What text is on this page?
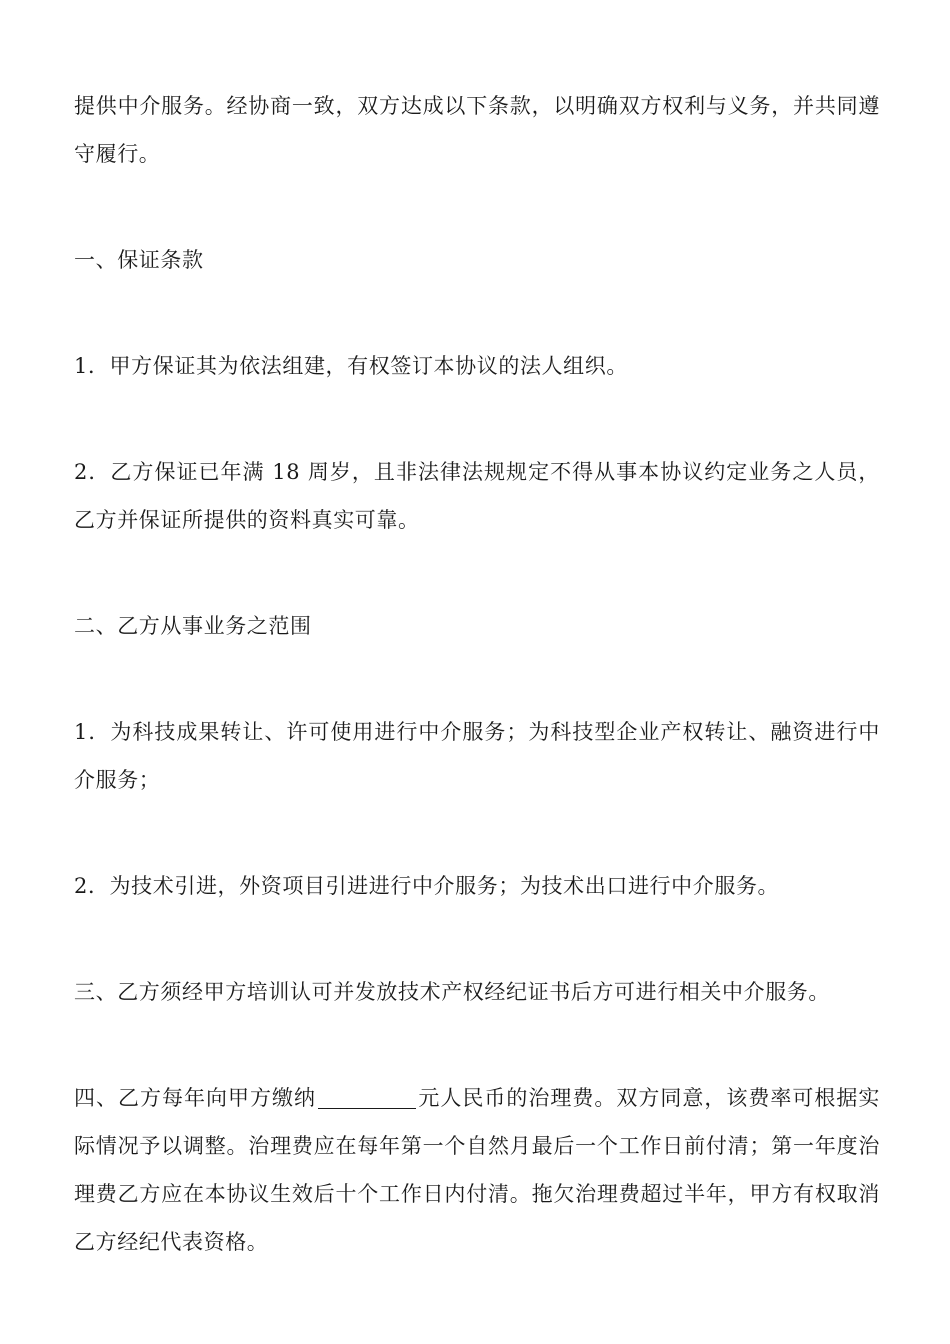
提供中介服务。经协商一致，双方达成以下条款，以明确双方权利与义务，并共同遵守履行。

一、保证条款

1．甲方保证其为依法组建，有权签订本协议的法人组织。

2．乙方保证已年满 18 周岁，且非法律法规规定不得从事本协议约定业务之人员，乙方并保证所提供的资料真实可靠。

二、乙方从事业务之范围

1．为科技成果转让、许可使用进行中介服务；为科技型企业产权转让、融资进行中介服务；

2．为技术引进，外资项目引进进行中介服务；为技术出口进行中介服务。

三、乙方须经甲方培训认可并发放技术产权经纪证书后方可进行相关中介服务。

四、乙方每年向甲方缴纳	元人民币的治理费。双方同意，该费率可根据实际情况予以调整。治理费应在每年第一个自然月最后一个工作日前付清；第一年度治理费乙方应在本协议生效后十个工作日内付清。拖欠治理费超过半年，甲方有权取消乙方经纪代表资格。
